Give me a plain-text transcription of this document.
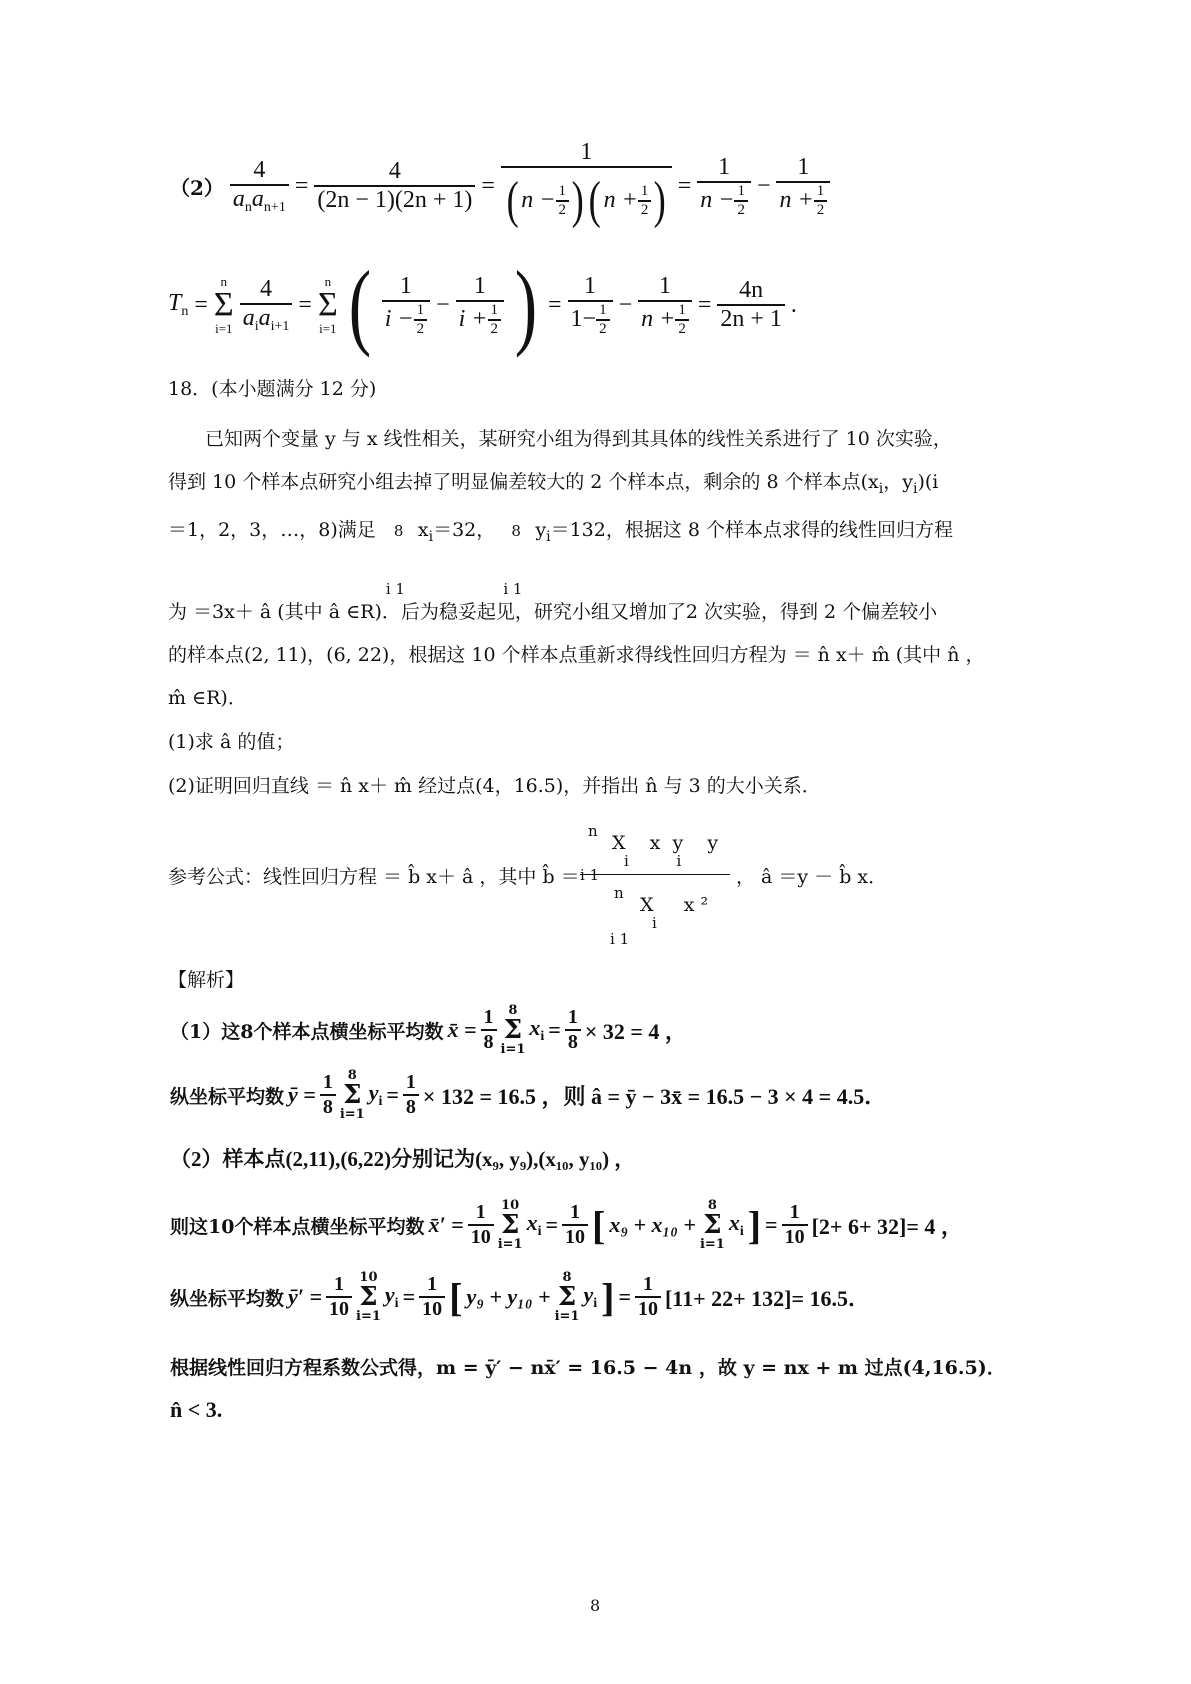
$(2) \frac{4}{a_na_{n+1}} = \frac{4}{(2n - 1)(2n + 1)} = \frac{1}{( n - \frac{1}{2} ) ( n + \frac{1}{2} )} = \frac{1}{n - \frac{1}{2}} - \frac{1}{n + \frac{1}{2}}$
$T_n$ =
n
Σ
$i=1 \frac{4}{a_ia_{i+1}}$ =
n
Σ
i=1 ( $\frac{1}{i - \frac{1}{2}} - \frac{1}{i + \frac{1}{2}}$ ) = $\frac{1}{1- \frac{1}{2}} - \frac{1}{n + \frac{1}{2}} = \frac{4n}{2n + 1}$ .
18．(本小题满分 12 分)
已知两个变量 y 与 x 线性相关，某研究小组为得到其具体的线性关系进行了 10 次实验，
得到 10 个样本点研究小组去掉了明显偏差较大的 2 个样本点，剩余的 8 个样本点($x_i$，$y_i)(i$
＝1，2，3，…，8)满足 8
i 1
$x_i=32$， 8
i 1
$y_i=132$，根据这 8 个样本点求得的线性回归方程
为 ＝3x＋ â (其中 â ∈R)．后为稳妥起见，研究小组又增加了2 次实验，得到 2 个偏差较小
的样本点(2, 11)，(6, 22)，根据这 10 个样本点重新求得线性回归方程为 ＝ n̂ x＋ m̂ (其中 n̂ ，
m̂ ∈R)．
(1)求 â 的值；
(2)证明回归直线 ＝ n̂ x＋ m̂ 经过点(4，16.5)，并指出 n̂ 与 3 的大小关系．
参考公式：线性回归方程 ＝ b̂ x＋ â ，其中 b̂ ＝
n
X    x  y    y
i          i
i 1
n
X     x ²
i
i 1
， â ＝y － b̂ x．
【解析】
（1）这8个样本点横坐标平均数 x̄ = $\frac{1}{8} 8$
Σ
i=1
$x_i = \frac{1}{8} \times 32 = 4$ ，
纵坐标平均数 ȳ = $\frac{1}{8} 8$
Σ
i=1
$y_i = \frac{1}{8} \times 132 = 16.5$ ，则 â = ȳ − 3x̄ = 16.5 − 3 × 4 = 4.5．
（2）样本点(2,11),(6,22)分别记为(x₉, y₉),(x₁₀, y₁₀) ，
则这10个样本点横坐标平均数 x̄′ = $\frac{1}{10} 10$
Σ
i=1
$x_i = \frac{1}{10}$ [ x₉ + x₁₀ +
8
Σ
i=1
$x_i$ ] = $\frac{1}{10} [2+ 6+ 32]= 4$ ，
纵坐标平均数 ȳ′ = $\frac{1}{10} 10$
Σ
i=1
$y_i = \frac{1}{10}$ [ y₉ + y₁₀ +
8
Σ
i=1
$y_i$ ] = $\frac{1}{10} [11+ 22+ 132]= 16.5$．
根据线性回归方程系数公式得，m = ȳ′ − nx̄′ = 16.5 − 4n ，故 y = nx + m 过点(4,16.5)．
n̂ < 3.
8
